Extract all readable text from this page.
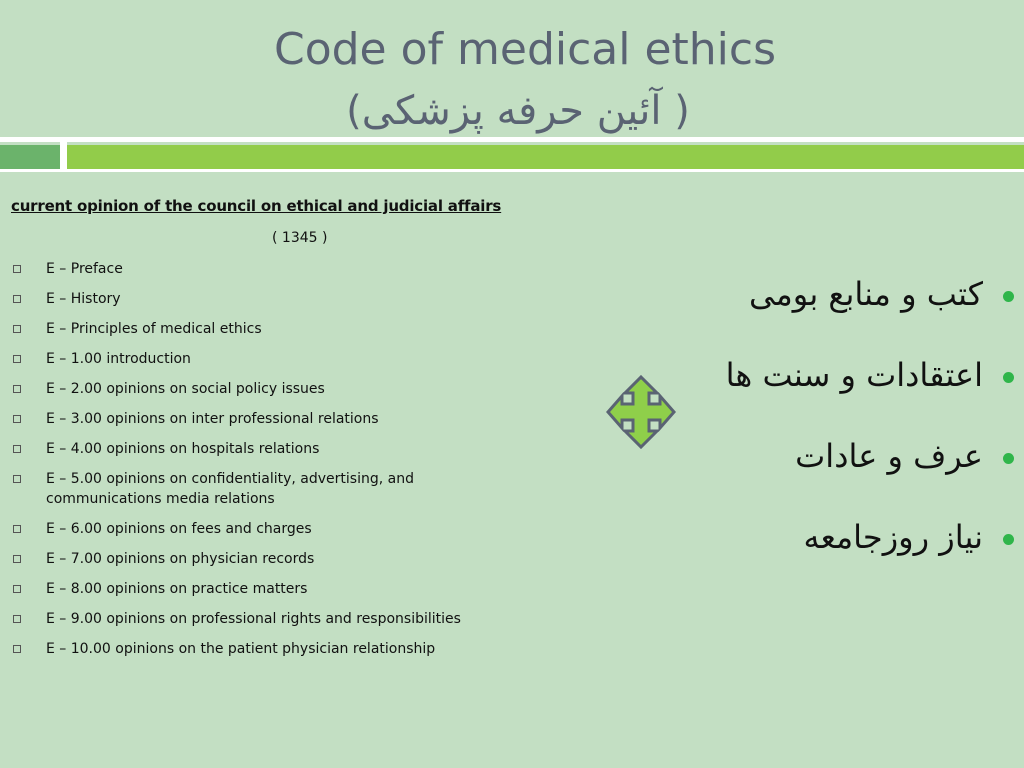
Code of medical ethics
( آئین حرفه پزشکی)
current opinion of the council on ethical and judicial affairs
( 1345 )
E – Preface
E – History
E – Principles of medical ethics
E – 1.00 introduction
E – 2.00 opinions on social policy issues
E – 3.00 opinions on inter professional relations
E – 4.00 opinions on hospitals relations
E – 5.00 opinions on confidentiality, advertising, and communications media relations
E – 6.00 opinions on fees and charges
E – 7.00 opinions on physician records
E – 8.00 opinions on practice matters
E – 9.00 opinions on professional rights and responsibilities
E – 10.00 opinions on the patient physician relationship
کتب و منابع بومی
اعتقادات و سنت ها
عرف و عادات
نیاز روزجامعه
